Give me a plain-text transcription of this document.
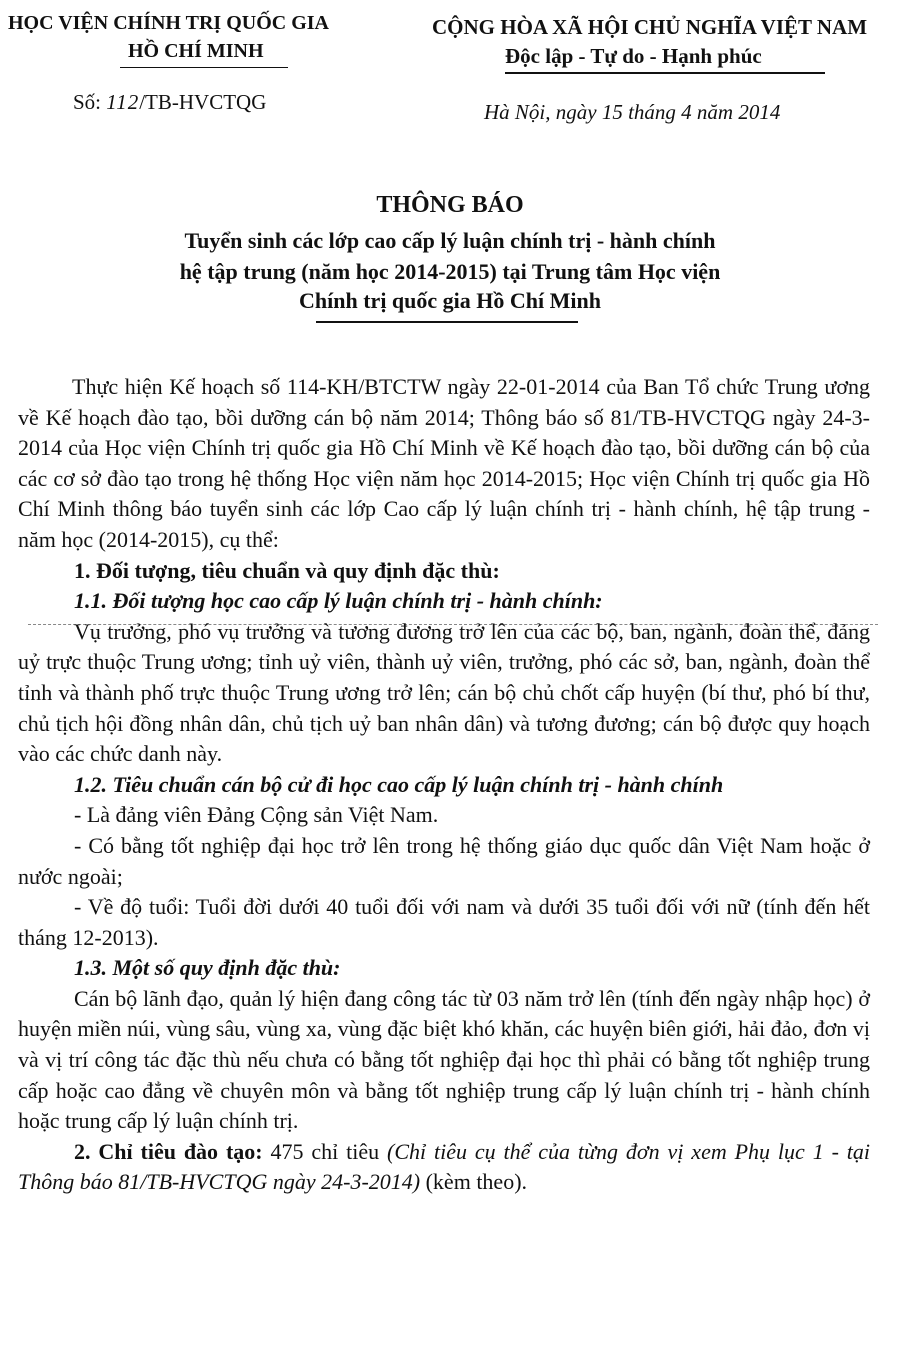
HỌC VIỆN CHÍNH TRỊ QUỐC GIA
HỒ CHÍ MINH
Số: 112/TB-HVCTQG
CỘNG HÒA XÃ HỘI CHỦ NGHĨA VIỆT NAM
Độc lập - Tự do - Hạnh phúc
Hà Nội, ngày 15 tháng 4 năm 2014
THÔNG BÁO
Tuyển sinh các lớp cao cấp lý luận chính trị - hành chính
hệ tập trung (năm học 2014-2015) tại Trung tâm Học viện
Chính trị quốc gia Hồ Chí Minh

Thực hiện Kế hoạch số 114-KH/BTCTW ngày 22-01-2014 của Ban Tổ chức Trung ương về Kế hoạch đào tạo, bồi dưỡng cán bộ năm 2014; Thông báo số 81/TB-HVCTQG ngày 24-3-2014 của Học viện Chính trị quốc gia Hồ Chí Minh về Kế hoạch đào tạo, bồi dưỡng cán bộ của các cơ sở đào tạo trong hệ thống Học viện năm học 2014-2015; Học viện Chính trị quốc gia Hồ Chí Minh thông báo tuyển sinh các lớp Cao cấp lý luận chính trị - hành chính, hệ tập trung - năm học (2014-2015), cụ thể:

1. Đối tượng, tiêu chuẩn và quy định đặc thù:

1.1. Đối tượng học cao cấp lý luận chính trị - hành chính:

Vụ trưởng, phó vụ trưởng và tương đương trở lên của các bộ, ban, ngành, đoàn thể, đảng uỷ trực thuộc Trung ương; tỉnh uỷ viên, thành uỷ viên, trưởng, phó các sở, ban, ngành, đoàn thể tỉnh và thành phố trực thuộc Trung ương trở lên; cán bộ chủ chốt cấp huyện (bí thư, phó bí thư, chủ tịch hội đồng nhân dân, chủ tịch uỷ ban nhân dân) và tương đương; cán bộ được quy hoạch vào các chức danh này.

1.2. Tiêu chuẩn cán bộ cử đi học cao cấp lý luận chính trị - hành chính

- Là đảng viên Đảng Cộng sản Việt Nam.

- Có bằng tốt nghiệp đại học trở lên trong hệ thống giáo dục quốc dân Việt Nam hoặc ở nước ngoài;

- Về độ tuổi: Tuổi đời dưới 40 tuổi đối với nam và dưới 35 tuổi đối với nữ (tính đến hết tháng 12-2013).

1.3. Một số quy định đặc thù:

Cán bộ lãnh đạo, quản lý hiện đang công tác từ 03 năm trở lên (tính đến ngày nhập học) ở huyện miền núi, vùng sâu, vùng xa, vùng đặc biệt khó khăn, các huyện biên giới, hải đảo, đơn vị và vị trí công tác đặc thù nếu chưa có bằng tốt nghiệp đại học thì phải có bằng tốt nghiệp trung cấp hoặc cao đẳng về chuyên môn và bằng tốt nghiệp trung cấp lý luận chính trị - hành chính hoặc trung cấp lý luận chính trị.

2. Chỉ tiêu đào tạo: 475 chỉ tiêu (Chỉ tiêu cụ thể của từng đơn vị xem Phụ lục 1 - tại Thông báo 81/TB-HVCTQG ngày 24-3-2014) (kèm theo).
